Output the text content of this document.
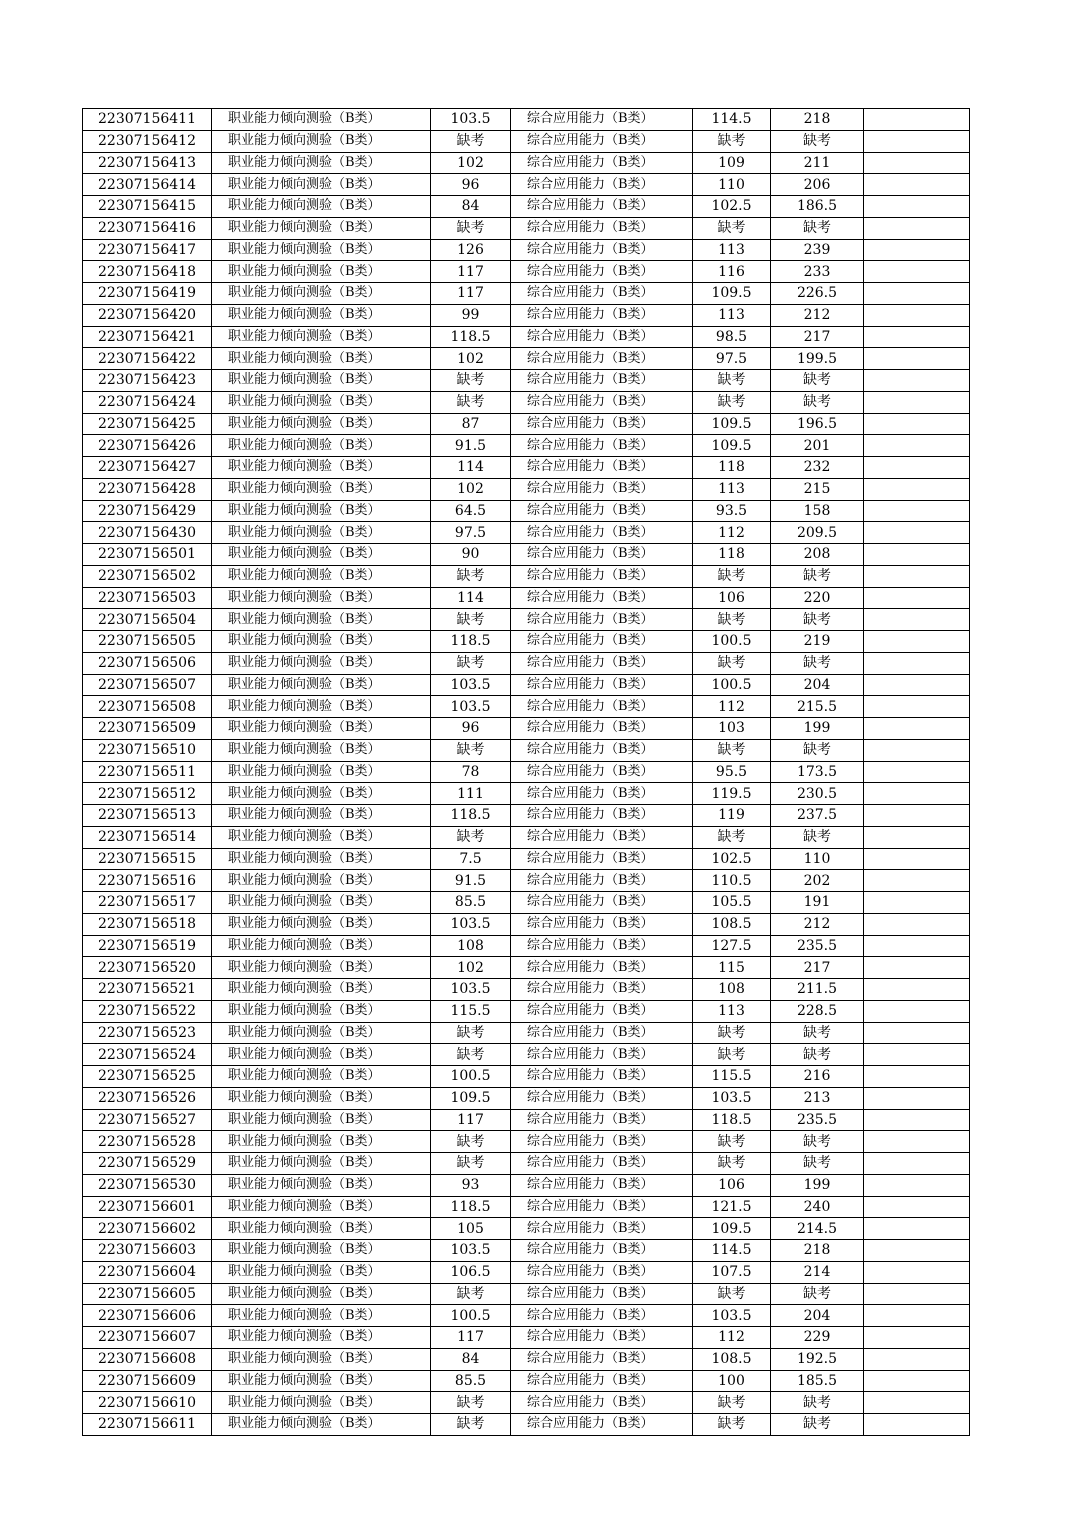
22307156411	职业能力倾向测验（B类）	103.5	综合应用能力（B类）	114.5	218	
22307156412	职业能力倾向测验（B类）	缺考	综合应用能力（B类）	缺考	缺考	
22307156413	职业能力倾向测验（B类）	102	综合应用能力（B类）	109	211	
22307156414	职业能力倾向测验（B类）	96	综合应用能力（B类）	110	206	
22307156415	职业能力倾向测验（B类）	84	综合应用能力（B类）	102.5	186.5	
22307156416	职业能力倾向测验（B类）	缺考	综合应用能力（B类）	缺考	缺考	
22307156417	职业能力倾向测验（B类）	126	综合应用能力（B类）	113	239	
22307156418	职业能力倾向测验（B类）	117	综合应用能力（B类）	116	233	
22307156419	职业能力倾向测验（B类）	117	综合应用能力（B类）	109.5	226.5	
22307156420	职业能力倾向测验（B类）	99	综合应用能力（B类）	113	212	
22307156421	职业能力倾向测验（B类）	118.5	综合应用能力（B类）	98.5	217	
22307156422	职业能力倾向测验（B类）	102	综合应用能力（B类）	97.5	199.5	
22307156423	职业能力倾向测验（B类）	缺考	综合应用能力（B类）	缺考	缺考	
22307156424	职业能力倾向测验（B类）	缺考	综合应用能力（B类）	缺考	缺考	
22307156425	职业能力倾向测验（B类）	87	综合应用能力（B类）	109.5	196.5	
22307156426	职业能力倾向测验（B类）	91.5	综合应用能力（B类）	109.5	201	
22307156427	职业能力倾向测验（B类）	114	综合应用能力（B类）	118	232	
22307156428	职业能力倾向测验（B类）	102	综合应用能力（B类）	113	215	
22307156429	职业能力倾向测验（B类）	64.5	综合应用能力（B类）	93.5	158	
22307156430	职业能力倾向测验（B类）	97.5	综合应用能力（B类）	112	209.5	
22307156501	职业能力倾向测验（B类）	90	综合应用能力（B类）	118	208	
22307156502	职业能力倾向测验（B类）	缺考	综合应用能力（B类）	缺考	缺考	
22307156503	职业能力倾向测验（B类）	114	综合应用能力（B类）	106	220	
22307156504	职业能力倾向测验（B类）	缺考	综合应用能力（B类）	缺考	缺考	
22307156505	职业能力倾向测验（B类）	118.5	综合应用能力（B类）	100.5	219	
22307156506	职业能力倾向测验（B类）	缺考	综合应用能力（B类）	缺考	缺考	
22307156507	职业能力倾向测验（B类）	103.5	综合应用能力（B类）	100.5	204	
22307156508	职业能力倾向测验（B类）	103.5	综合应用能力（B类）	112	215.5	
22307156509	职业能力倾向测验（B类）	96	综合应用能力（B类）	103	199	
22307156510	职业能力倾向测验（B类）	缺考	综合应用能力（B类）	缺考	缺考	
22307156511	职业能力倾向测验（B类）	78	综合应用能力（B类）	95.5	173.5	
22307156512	职业能力倾向测验（B类）	111	综合应用能力（B类）	119.5	230.5	
22307156513	职业能力倾向测验（B类）	118.5	综合应用能力（B类）	119	237.5	
22307156514	职业能力倾向测验（B类）	缺考	综合应用能力（B类）	缺考	缺考	
22307156515	职业能力倾向测验（B类）	7.5	综合应用能力（B类）	102.5	110	
22307156516	职业能力倾向测验（B类）	91.5	综合应用能力（B类）	110.5	202	
22307156517	职业能力倾向测验（B类）	85.5	综合应用能力（B类）	105.5	191	
22307156518	职业能力倾向测验（B类）	103.5	综合应用能力（B类）	108.5	212	
22307156519	职业能力倾向测验（B类）	108	综合应用能力（B类）	127.5	235.5	
22307156520	职业能力倾向测验（B类）	102	综合应用能力（B类）	115	217	
22307156521	职业能力倾向测验（B类）	103.5	综合应用能力（B类）	108	211.5	
22307156522	职业能力倾向测验（B类）	115.5	综合应用能力（B类）	113	228.5	
22307156523	职业能力倾向测验（B类）	缺考	综合应用能力（B类）	缺考	缺考	
22307156524	职业能力倾向测验（B类）	缺考	综合应用能力（B类）	缺考	缺考	
22307156525	职业能力倾向测验（B类）	100.5	综合应用能力（B类）	115.5	216	
22307156526	职业能力倾向测验（B类）	109.5	综合应用能力（B类）	103.5	213	
22307156527	职业能力倾向测验（B类）	117	综合应用能力（B类）	118.5	235.5	
22307156528	职业能力倾向测验（B类）	缺考	综合应用能力（B类）	缺考	缺考	
22307156529	职业能力倾向测验（B类）	缺考	综合应用能力（B类）	缺考	缺考	
22307156530	职业能力倾向测验（B类）	93	综合应用能力（B类）	106	199	
22307156601	职业能力倾向测验（B类）	118.5	综合应用能力（B类）	121.5	240	
22307156602	职业能力倾向测验（B类）	105	综合应用能力（B类）	109.5	214.5	
22307156603	职业能力倾向测验（B类）	103.5	综合应用能力（B类）	114.5	218	
22307156604	职业能力倾向测验（B类）	106.5	综合应用能力（B类）	107.5	214	
22307156605	职业能力倾向测验（B类）	缺考	综合应用能力（B类）	缺考	缺考	
22307156606	职业能力倾向测验（B类）	100.5	综合应用能力（B类）	103.5	204	
22307156607	职业能力倾向测验（B类）	117	综合应用能力（B类）	112	229	
22307156608	职业能力倾向测验（B类）	84	综合应用能力（B类）	108.5	192.5	
22307156609	职业能力倾向测验（B类）	85.5	综合应用能力（B类）	100	185.5	
22307156610	职业能力倾向测验（B类）	缺考	综合应用能力（B类）	缺考	缺考	
22307156611	职业能力倾向测验（B类）	缺考	综合应用能力（B类）	缺考	缺考	
